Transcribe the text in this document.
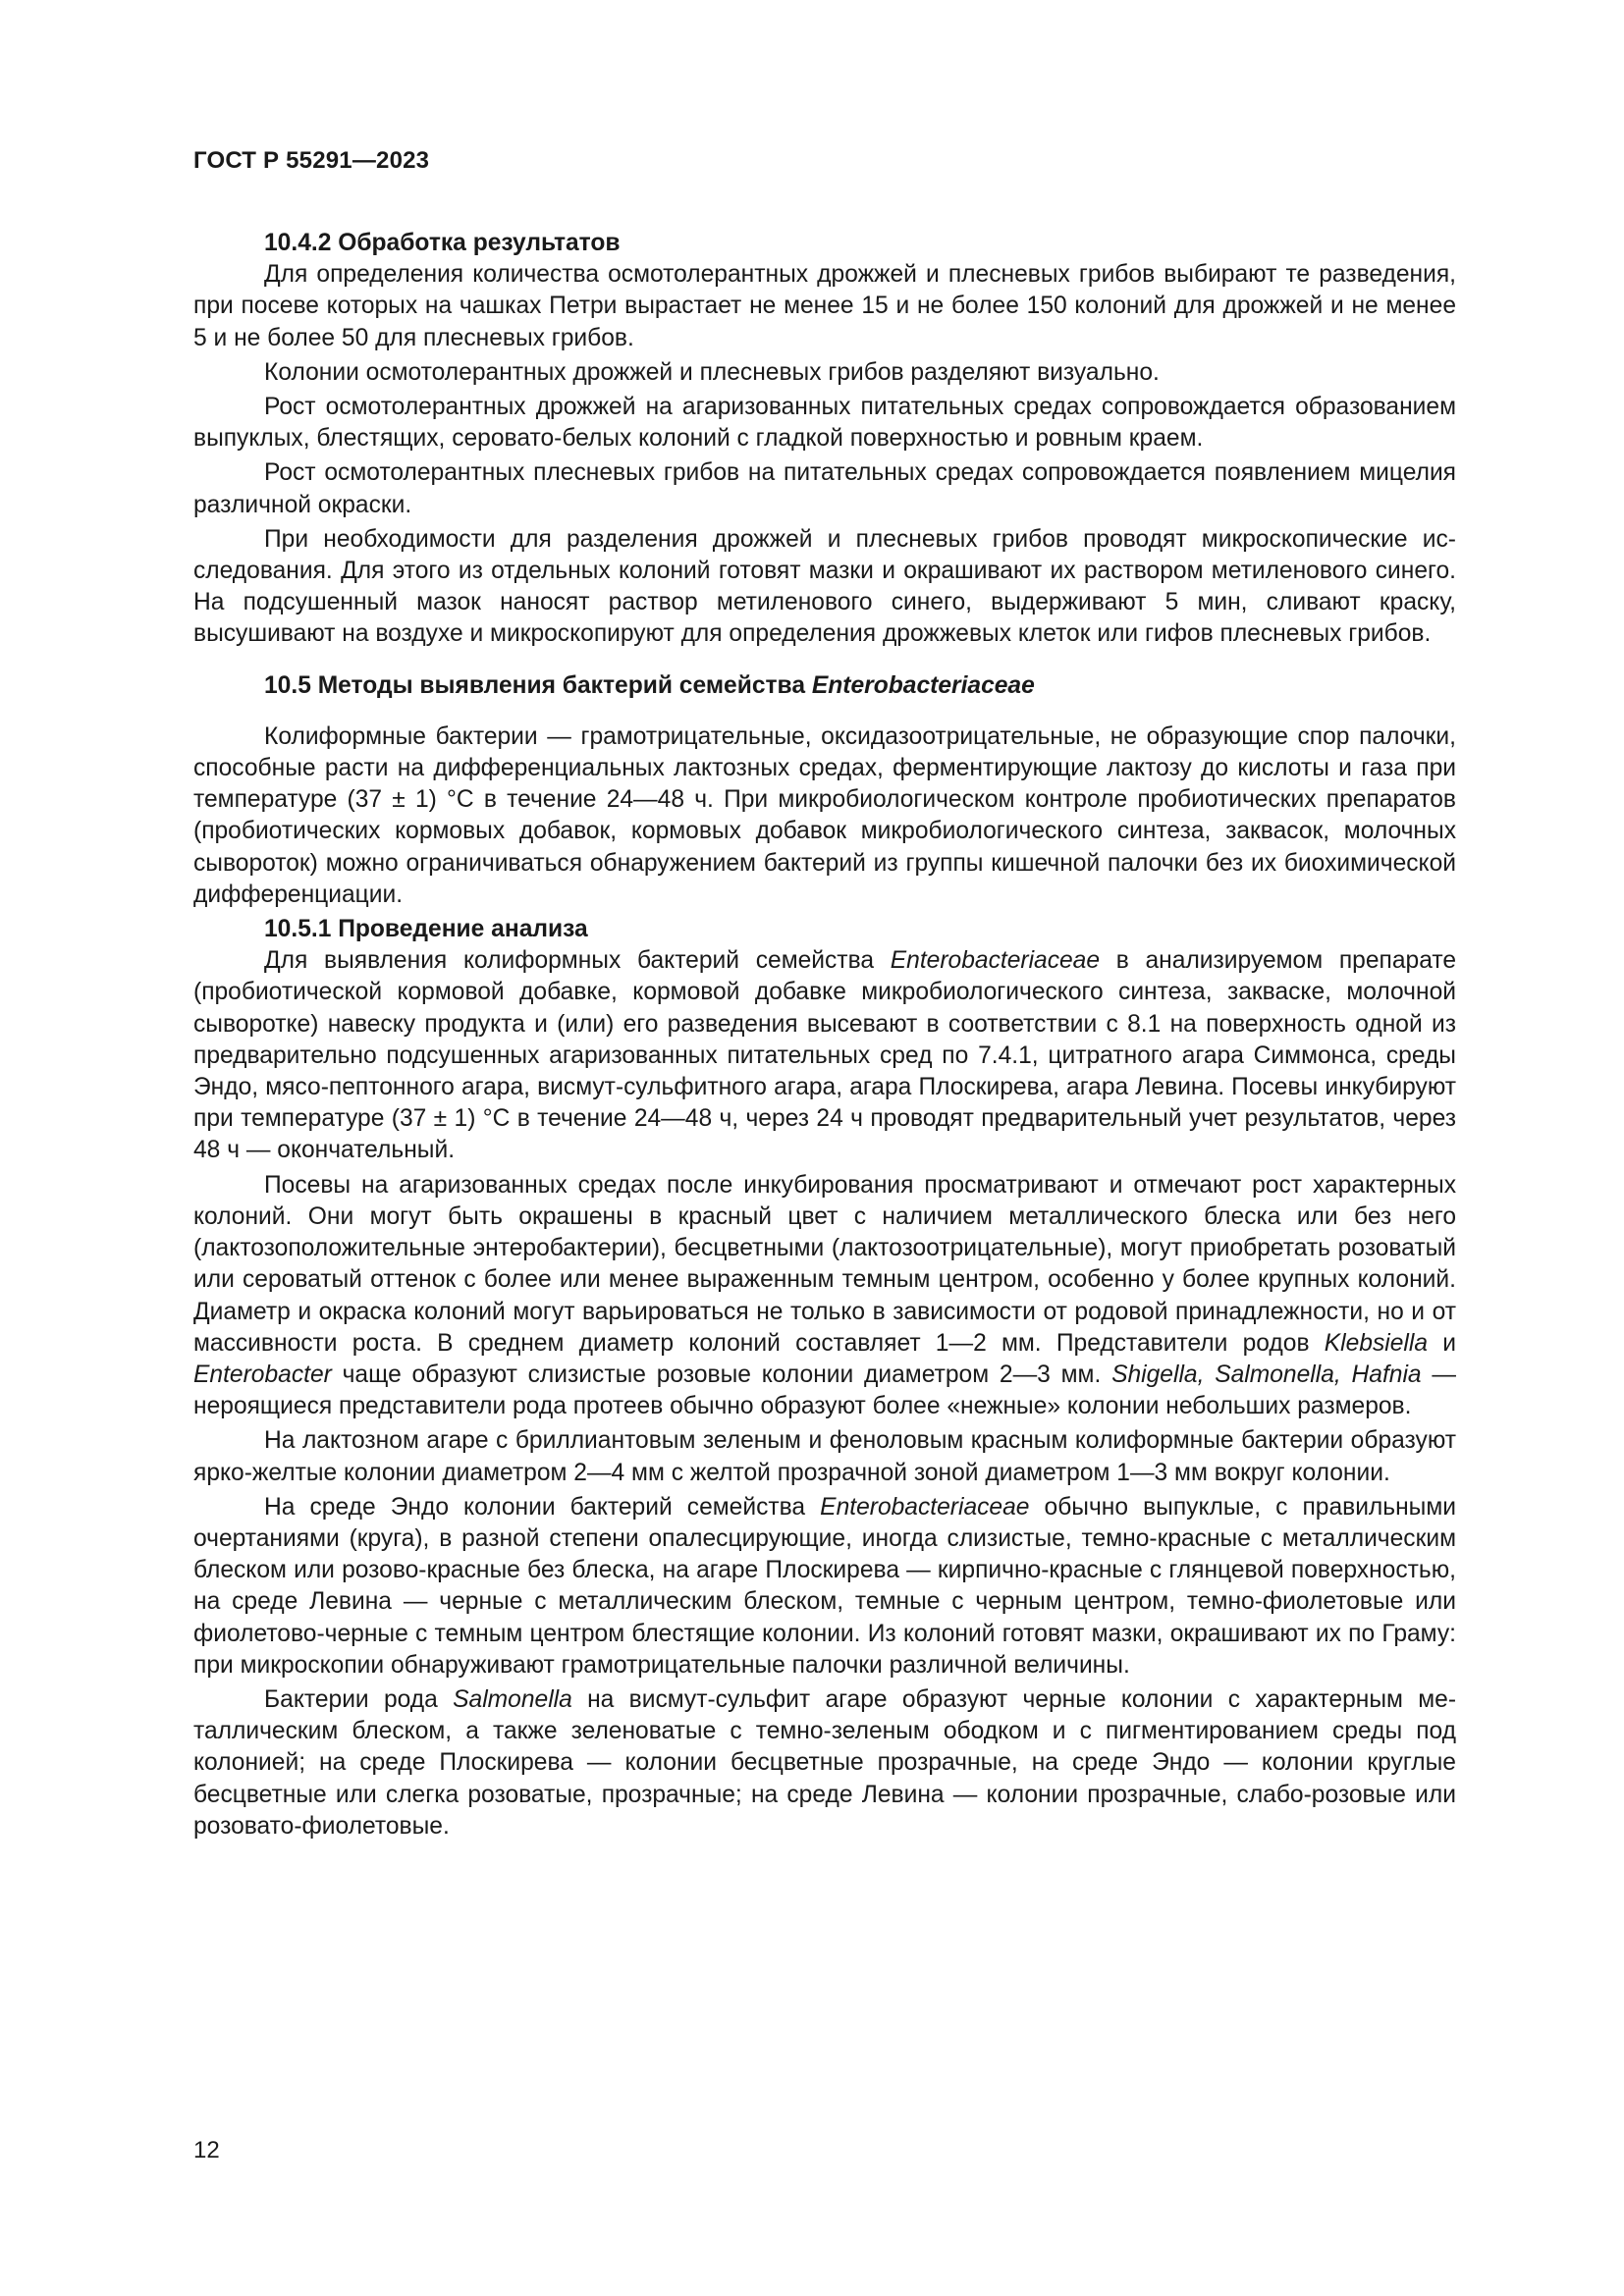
ГОСТ Р 55291—2023
10.4.2 Обработка результатов

Для определения количества осмотолерантных дрожжей и плесневых грибов выбирают те разведения, при посеве которых на чашках Петри вырастает не менее 15 и не более 150 колоний для дрожжей и не менее 5 и не более 50 для плесневых грибов.

Колонии осмотолерантных дрожжей и плесневых грибов разделяют визуально.

Рост осмотолерантных дрожжей на агаризованных питательных средах сопровождается образованием выпуклых, блестящих, серовато-белых колоний с гладкой поверхностью и ровным краем.

Рост осмотолерантных плесневых грибов на питательных средах сопровождается появлением мицелия различной окраски.

При необходимости для разделения дрожжей и плесневых грибов проводят микроскопические исследования. Для этого из отдельных колоний готовят мазки и окрашивают их раствором метиленового синего. На подсушенный мазок наносят раствор метиленового синего, выдерживают 5 мин, сливают краску, высушивают на воздухе и микроскопируют для определения дрожжевых клеток или гифов плесневых грибов.

10.5 Методы выявления бактерий семейства Enterobacteriaceae

Колиформные бактерии — грамотрицательные, оксидазоотрицательные, не образующие спор палочки, способные расти на дифференциальных лактозных средах, ферментирующие лактозу до кислоты и газа при температуре (37 ± 1) °С в течение 24—48 ч. При микробиологическом контроле пробиотических препаратов (пробиотических кормовых добавок, кормовых добавок микробиологического синтеза, заквасок, молочных сывороток) можно ограничиваться обнаружением бактерий из группы кишечной палочки без их биохимической дифференциации.

10.5.1 Проведение анализа

Для выявления колиформных бактерий семейства Enterobacteriaceae в анализируемом препарате (пробиотической кормовой добавке, кормовой добавке микробиологического синтеза, закваске, молочной сыворотке) навеску продукта и (или) его разведения высевают в соответствии с 8.1 на поверхность одной из предварительно подсушенных агаризованных питательных сред по 7.4.1, цитратного агара Симмонса, среды Эндо, мясо-пептонного агара, висмут-сульфитного агара, агара Плоскирева, агара Левина. Посевы инкубируют при температуре (37 ± 1) °С в течение 24—48 ч, через 24 ч проводят предварительный учет результатов, через 48 ч — окончательный.

Посевы на агаризованных средах после инкубирования просматривают и отмечают рост характерных колоний. Они могут быть окрашены в красный цвет с наличием металлического блеска или без него (лактозоположительные энтеробактерии), бесцветными (лактозоотрицательные), могут приобретать розоватый или сероватый оттенок с более или менее выраженным темным центром, особенно у более крупных колоний. Диаметр и окраска колоний могут варьироваться не только в зависимости от родовой принадлежности, но и от массивности роста. В среднем диаметр колоний составляет 1—2 мм. Представители родов Klebsiella и Enterobacter чаще образуют слизистые розовые колонии диаметром 2—3 мм. Shigella, Salmonella, Hafnia — нероящиеся представители рода протеев обычно образуют более «нежные» колонии небольших размеров.

На лактозном агаре с бриллиантовым зеленым и феноловым красным колиформные бактерии образуют ярко-желтые колонии диаметром 2—4 мм с желтой прозрачной зоной диаметром 1—3 мм вокруг колонии.

На среде Эндо колонии бактерий семейства Enterobacteriaceae обычно выпуклые, с правильными очертаниями (круга), в разной степени опалесцирующие, иногда слизистые, темно-красные с металлическим блеском или розово-красные без блеска, на агаре Плоскирева — кирпично-красные с глянцевой поверхностью, на среде Левина — черные с металлическим блеском, темные с черным центром, темно-фиолетовые или фиолетово-черные с темным центром блестящие колонии. Из колоний готовят мазки, окрашивают их по Граму: при микроскопии обнаруживают грамотрицательные палочки различной величины.

Бактерии рода Salmonella на висмут-сульфит агаре образуют черные колонии с характерным металлическим блеском, а также зеленоватые с темно-зеленым ободком и с пигментированием среды под колонией; на среде Плоскирева — колонии бесцветные прозрачные, на среде Эндо — колонии круглые бесцветные или слегка розоватые, прозрачные; на среде Левина — колонии прозрачные, слабо-розовые или розовато-фиолетовые.

12
